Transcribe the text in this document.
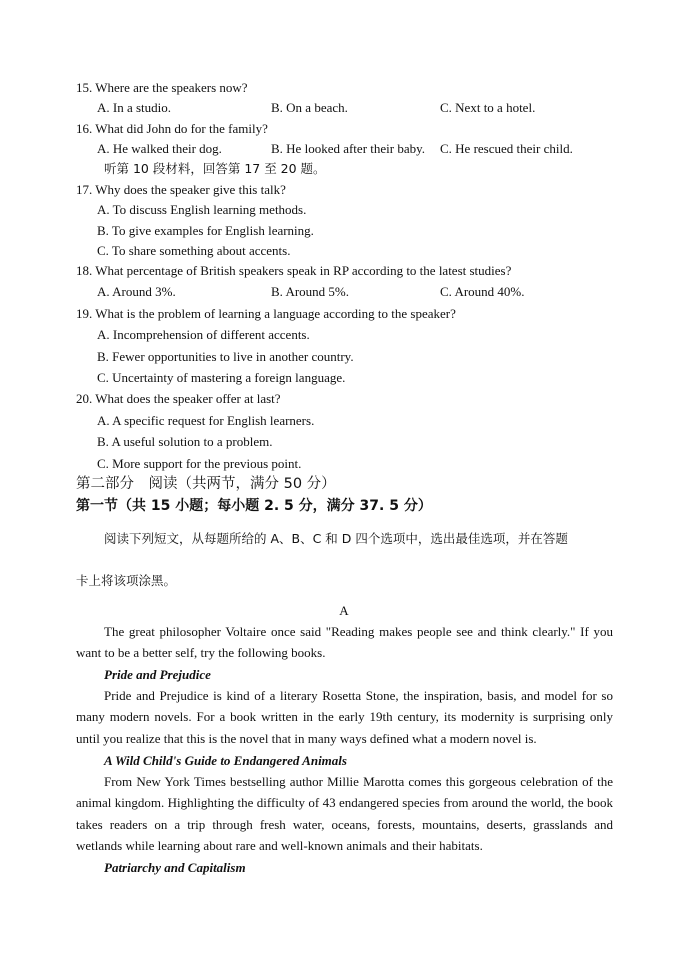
15. Where are the speakers now?
A. In a studio.	B. On a beach.	C. Next to a hotel.
16. What did John do for the family?
A. He walked their dog.	B. He looked after their baby. C. He rescued their child.
听第 10 段材料，回答第 17 至 20 题。
17. Why does the speaker give this talk?
A. To discuss English learning methods.
B. To give examples for English learning.
C. To share something about accents.
18. What percentage of British speakers speak in RP according to the latest studies?
A. Around 3%.	B. Around 5%.	C. Around 40%.
19. What is the problem of learning a language according to the speaker?
A. Incomprehension of different accents.
B. Fewer opportunities to live in another country.
C. Uncertainty of mastering a foreign language.
20. What does the speaker offer at last?
A. A specific request for English learners.
B. A useful solution to a problem.
C. More support for the previous point.
第二部分　阅读（共两节，满分 50 分）
第一节（共 15 小题；每小题 2. 5 分，满分 37. 5 分）
阅读下列短文，从每题所给的 A、B、C 和 D 四个选项中，选出最佳选项，并在答题
卡上将该项涂黑。
A
The great philosopher Voltaire once said "Reading makes people see and think clearly." If you want to be a better self, try the following books.
Pride and Prejudice
Pride and Prejudice is kind of a literary Rosetta Stone, the inspiration, basis, and model for so many modern novels. For a book written in the early 19th century, its modernity is surprising only until you realize that this is the novel that in many ways defined what a modern novel is.
A Wild Child's Guide to Endangered Animals
From New York Times bestselling author Millie Marotta comes this gorgeous celebration of the animal kingdom. Highlighting the difficulty of 43 endangered species from around the world, the book takes readers on a trip through fresh water, oceans, forests, mountains, deserts, grasslands and wetlands while learning about rare and well-known animals and their habitats.
Patriarchy and Capitalism
